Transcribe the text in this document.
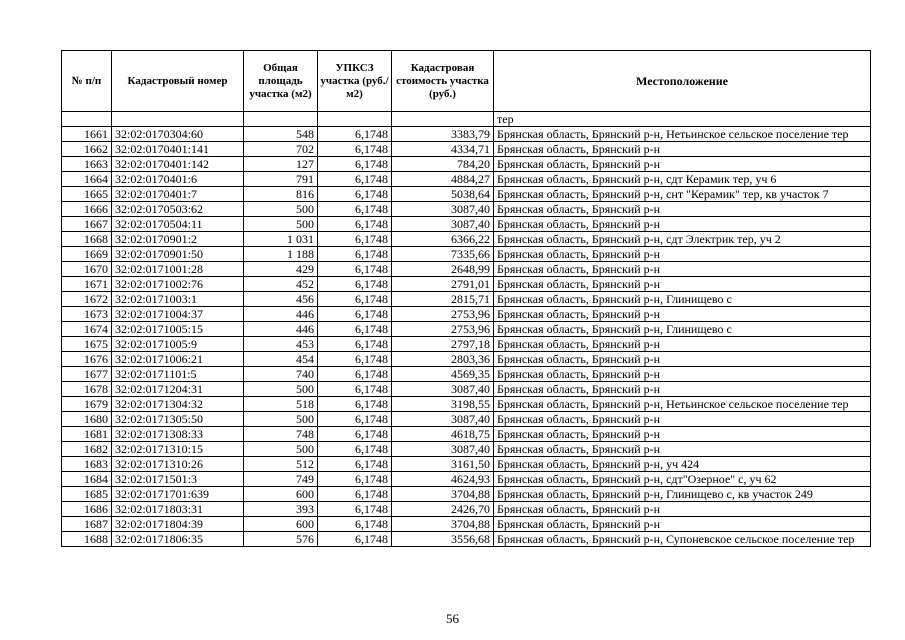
№ п/п	Кадастровый номер	Общая площадь участка (м2)	УПКСЗ участка (руб./м2)	Кадастровая стоимость участка (руб.)	Местоположение
					тер
1661	32:02:0170304:60	548	6,1748	3383,79	Брянская область, Брянский р-н, Нетьинское сельское поселение тер
1662	32:02:0170401:141	702	6,1748	4334,71	Брянская область, Брянский р-н
1663	32:02:0170401:142	127	6,1748	784,20	Брянская область, Брянский р-н
1664	32:02:0170401:6	791	6,1748	4884,27	Брянская область, Брянский р-н, сдт Керамик тер, уч 6
1665	32:02:0170401:7	816	6,1748	5038,64	Брянская область, Брянский р-н, снт "Керамик" тер, кв участок 7
1666	32:02:0170503:62	500	6,1748	3087,40	Брянская область, Брянский р-н
1667	32:02:0170504:11	500	6,1748	3087,40	Брянская область, Брянский р-н
1668	32:02:0170901:2	1 031	6,1748	6366,22	Брянская область, Брянский р-н, сдт Электрик тер, уч 2
1669	32:02:0170901:50	1 188	6,1748	7335,66	Брянская область, Брянский р-н
1670	32:02:0171001:28	429	6,1748	2648,99	Брянская область, Брянский р-н
1671	32:02:0171002:76	452	6,1748	2791,01	Брянская область, Брянский р-н
1672	32:02:0171003:1	456	6,1748	2815,71	Брянская область, Брянский р-н, Глинищево с
1673	32:02:0171004:37	446	6,1748	2753,96	Брянская область, Брянский р-н
1674	32:02:0171005:15	446	6,1748	2753,96	Брянская область, Брянский р-н, Глинищево с
1675	32:02:0171005:9	453	6,1748	2797,18	Брянская область, Брянский р-н
1676	32:02:0171006:21	454	6,1748	2803,36	Брянская область, Брянский р-н
1677	32:02:0171101:5	740	6,1748	4569,35	Брянская область, Брянский р-н
1678	32:02:0171204:31	500	6,1748	3087,40	Брянская область, Брянский р-н
1679	32:02:0171304:32	518	6,1748	3198,55	Брянская область, Брянский р-н, Нетьинское сельское поселение тер
1680	32:02:0171305:50	500	6,1748	3087,40	Брянская область, Брянский р-н
1681	32:02:0171308:33	748	6,1748	4618,75	Брянская область, Брянский р-н
1682	32:02:0171310:15	500	6,1748	3087,40	Брянская область, Брянский р-н
1683	32:02:0171310:26	512	6,1748	3161,50	Брянская область, Брянский р-н, уч 424
1684	32:02:0171501:3	749	6,1748	4624,93	Брянская область, Брянский р-н, сдт"Озерное" с, уч 62
1685	32:02:0171701:639	600	6,1748	3704,88	Брянская область, Брянский р-н, Глинищево с, кв участок 249
1686	32:02:0171803:31	393	6,1748	2426,70	Брянская область, Брянский р-н
1687	32:02:0171804:39	600	6,1748	3704,88	Брянская область, Брянский р-н
1688	32:02:0171806:35	576	6,1748	3556,68	Брянская область, Брянский р-н, Супоневское сельское поселение тер
56
